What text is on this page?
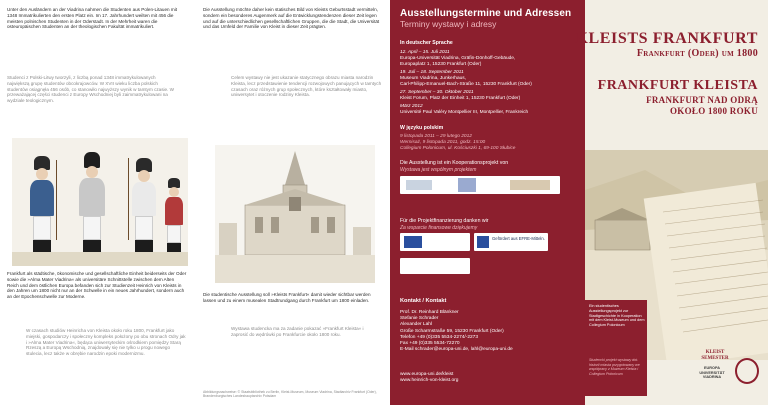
Unter den Ausländern an der Viadrina nahmen die Studenten aus Polen-Litauen mit 1348 Immatrikulierten den ersten Platz ein. Im 17. Jahrhundert weilten mit 456 die meisten polnischen Studenten in der Oderstadt. In der Mehrheit waren die osteuropäischen Studenten an der theologischen Fakultät immatrikuliert.

Studenci z Polski-Litwy tworzyli, z liczbą ponad 1348 immatrykulowanych największą grupę studentów obcokrajowców. W XVII wieku liczba polskich studentów osiągnęła 456 osób, co stanowiło najwyższy wynik w tamtym czasie. W przeważającej części studenci z Europy Wschodniej byli zaimmatrykulowani na wydziale teologicznym.

Frankfurt als städtische, ökonomische und gesellschaftliche Einheit beiderseits der Oder sowie die »Alma Mater Viadrina« als universitäre Schnittstelle zwischen dem Alten Reich und dem östlichen Europa befanden sich zur Studienzeit Heinrich von Kleists in den Jahren um 1800 nicht nur an der Schwelle in ein neues Jahrhundert, sondern auch an der Epochenschwelle zur Moderne.

W czasach studiów Heinricha von Kleista około roku 1800, Frankfurt jako miejski, gospodarczy i społeczny kompleks położony po obu stronach Odry jak i »Alma Mater Viadrina«, będąca uniwersyteckim ośrodkiem pomiędzy Starą Rzeszą a Europą Wschodnią, znajdowały się nie tylko u progu nowego stulecia, lecz także w obrębie narodzin epoki modernizmu.

Die Ausstellung möchte daher kein statisches Bild von Kleists Geburtsstadt vermitteln, sondern ein besonderes Augenmerk auf die Entwicklungstendenzen dieser Zeit legen und auf die unterschiedlichen gesellschaftlichen Gruppen, die die Stadt, die Universität und das Umfeld der Familie von Kleist in dieser Zeit prägten.

Celem wystawy nie jest ukazanie statycznego obrazu miasta narodzin Kleista, lecz przedstawienie tendencji rozwojowych panujących w tamtych czasach oraz różnych grup społecznych, które kształtowały miasto, uniwersytet i otoczenie rodziny Kleista.

Die studentische Ausstellung soll »Kleists Frankfurt« damit wieder sichtbar werden lassen und zu einem musealen Stadtrundgang durch Frankfurt um 1800 einladen.

Wystawa studencka ma za zadanie pokazać »Frankfurt Kleista« i zaprosić do wędrówki po Frankfurcie około 1800 roku.

Abbildungsnachweise: © Staatsbibliothek zu Berlin, Kleist-Museum, Museum Viadrina, Stadtarchiv Frankfurt (Oder), Brandenburgisches Landeshauptarchiv Potsdam

Ausstellungstermine und Adressen
Terminy wystawy i adresy

In deutscher Sprache

12. April – 15. Juli 2011
Europa-Universität Viadrina, Gräfin-Dönhoff-Gebäude,
Europaplatz 1, 15230 Frankfurt (Oder)
19. Juli – 18. September 2011
Museum Viadrina, Junkerhaus,
Carl-Philipp-Emanuel-Bach-Straße 11, 15230 Frankfurt (Oder)
27. September – 30. Oktober 2011
Kleist Forum, Platz der Einheit 1, 15230 Frankfurt (Oder)
März 2012
Université Paul Valéry Montpellier III, Montpellier, Frankreich

W języku polskim

9 listopada 2011 – 29 lutego 2012
Wernisaż, 9 listopada 2011, godz. 15:00
Collegium Polonicum, ul. Kościuszki 1, 69-100 Słubice

Die Ausstellung ist ein Kooperationsprojekt von

Wystawa jest wspólnym projektem

Für die Projektfinanzierung danken wir

Za wsparcie finansowe dziękujemy

Gefördert aus EFRE-Mitteln.

Kontakt / Kontakt

Prof. Dr. Reinhard Blänkner
Stefanie Schrader
Alexander Lahl
Große Scharrnstraße 59, 15230 Frankfurt (Oder)
Telefon +49 (0)335 5534-2274/-2273
Fax +49 (0)335 5534-72270
E-Mail schrader@europa-uni.de, lahl@europa-uni.de
www.europa-uni.de/kleist
www.heinrich-von-kleist.org
KLEISTS FRANKFURT
Frankfurt (Oder) um 1800
FRANKFURT KLEISTA
FRANKFURT NAD ODRĄ
OKOŁO 1800 ROKU

Ein studentisches Ausstellungsprojekt zur Stadtgeschichte in Kooperation mit dem Kleist-Museum und dem Collegium Polonicum

Studencki projekt wystawy dot. historii miasta przygotowany we współpracy z Muzeum Kleista i Collegium Polonicum

KLEIST
SEMESTER
EUROPA
UNIVERSITÄT
VIADRINA
